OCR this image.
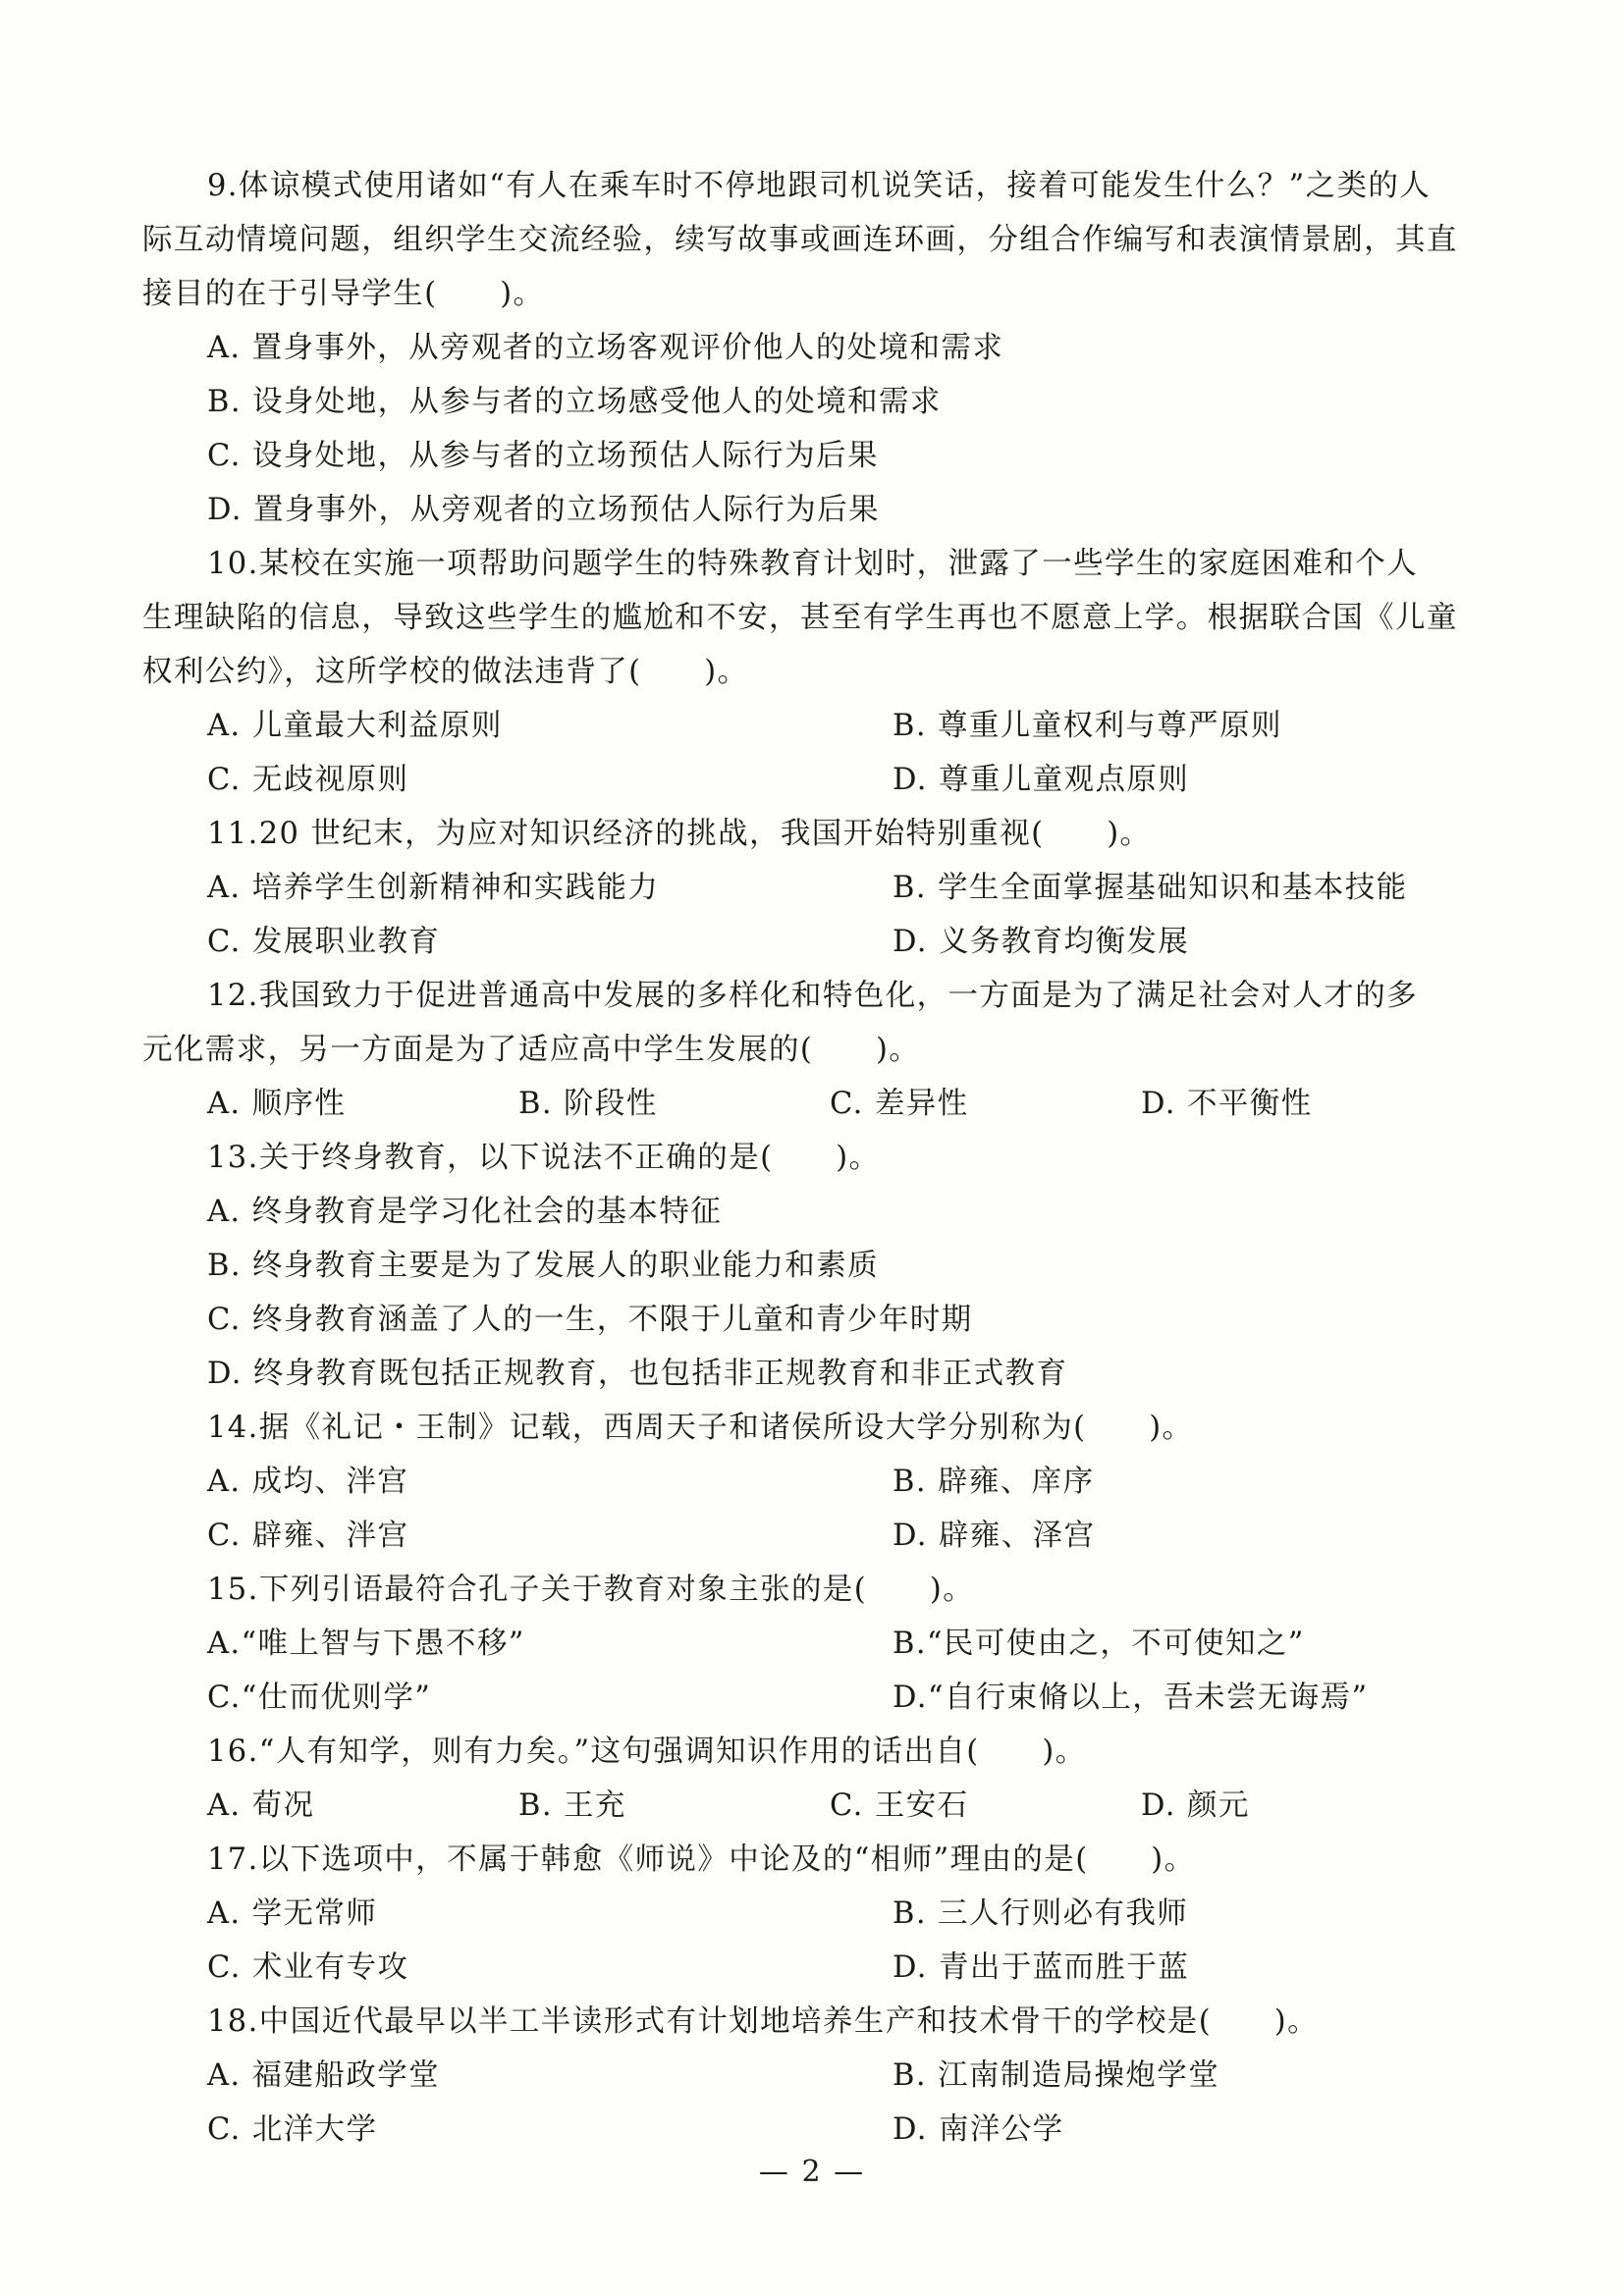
9.体谅模式使用诸如“有人在乘车时不停地跟司机说笑话，接着可能发生什么？”之类的人
际互动情境问题，组织学生交流经验，续写故事或画连环画，分组合作编写和表演情景剧，其直
接目的在于引导学生(　　)。
A. 置身事外，从旁观者的立场客观评价他人的处境和需求
B. 设身处地，从参与者的立场感受他人的处境和需求
C. 设身处地，从参与者的立场预估人际行为后果
D. 置身事外，从旁观者的立场预估人际行为后果
10.某校在实施一项帮助问题学生的特殊教育计划时，泄露了一些学生的家庭困难和个人
生理缺陷的信息，导致这些学生的尴尬和不安，甚至有学生再也不愿意上学。根据联合国《儿童
权利公约》，这所学校的做法违背了(　　)。
A. 儿童最大利益原则	B. 尊重儿童权利与尊严原则
C. 无歧视原则	D. 尊重儿童观点原则
11.20 世纪末，为应对知识经济的挑战，我国开始特别重视(　　)。
A. 培养学生创新精神和实践能力	B. 学生全面掌握基础知识和基本技能
C. 发展职业教育	D. 义务教育均衡发展
12.我国致力于促进普通高中发展的多样化和特色化，一方面是为了满足社会对人才的多
元化需求，另一方面是为了适应高中学生发展的(　　)。
A. 顺序性	B. 阶段性	C. 差异性	D. 不平衡性
13.关于终身教育，以下说法不正确的是(　　)。
A. 终身教育是学习化社会的基本特征
B. 终身教育主要是为了发展人的职业能力和素质
C. 终身教育涵盖了人的一生，不限于儿童和青少年时期
D. 终身教育既包括正规教育，也包括非正规教育和非正式教育
14.据《礼记・王制》记载，西周天子和诸侯所设大学分别称为(　　)。
A. 成均、泮宫	B. 辟雍、庠序
C. 辟雍、泮宫	D. 辟雍、泽宫
15.下列引语最符合孔子关于教育对象主张的是(　　)。
A.“唯上智与下愚不移”	B.“民可使由之，不可使知之”
C.“仕而优则学”	D.“自行束脩以上，吾未尝无诲焉”
16.“人有知学，则有力矣。”这句强调知识作用的话出自(　　)。
A. 荀况	B. 王充	C. 王安石	D. 颜元
17.以下选项中，不属于韩愈《师说》中论及的“相师”理由的是(　　)。
A. 学无常师	B. 三人行则必有我师
C. 术业有专攻	D. 青出于蓝而胜于蓝
18.中国近代最早以半工半读形式有计划地培养生产和技术骨干的学校是(　　)。
A. 福建船政学堂	B. 江南制造局操炮学堂
C. 北洋大学	D. 南洋公学
— 2 —
